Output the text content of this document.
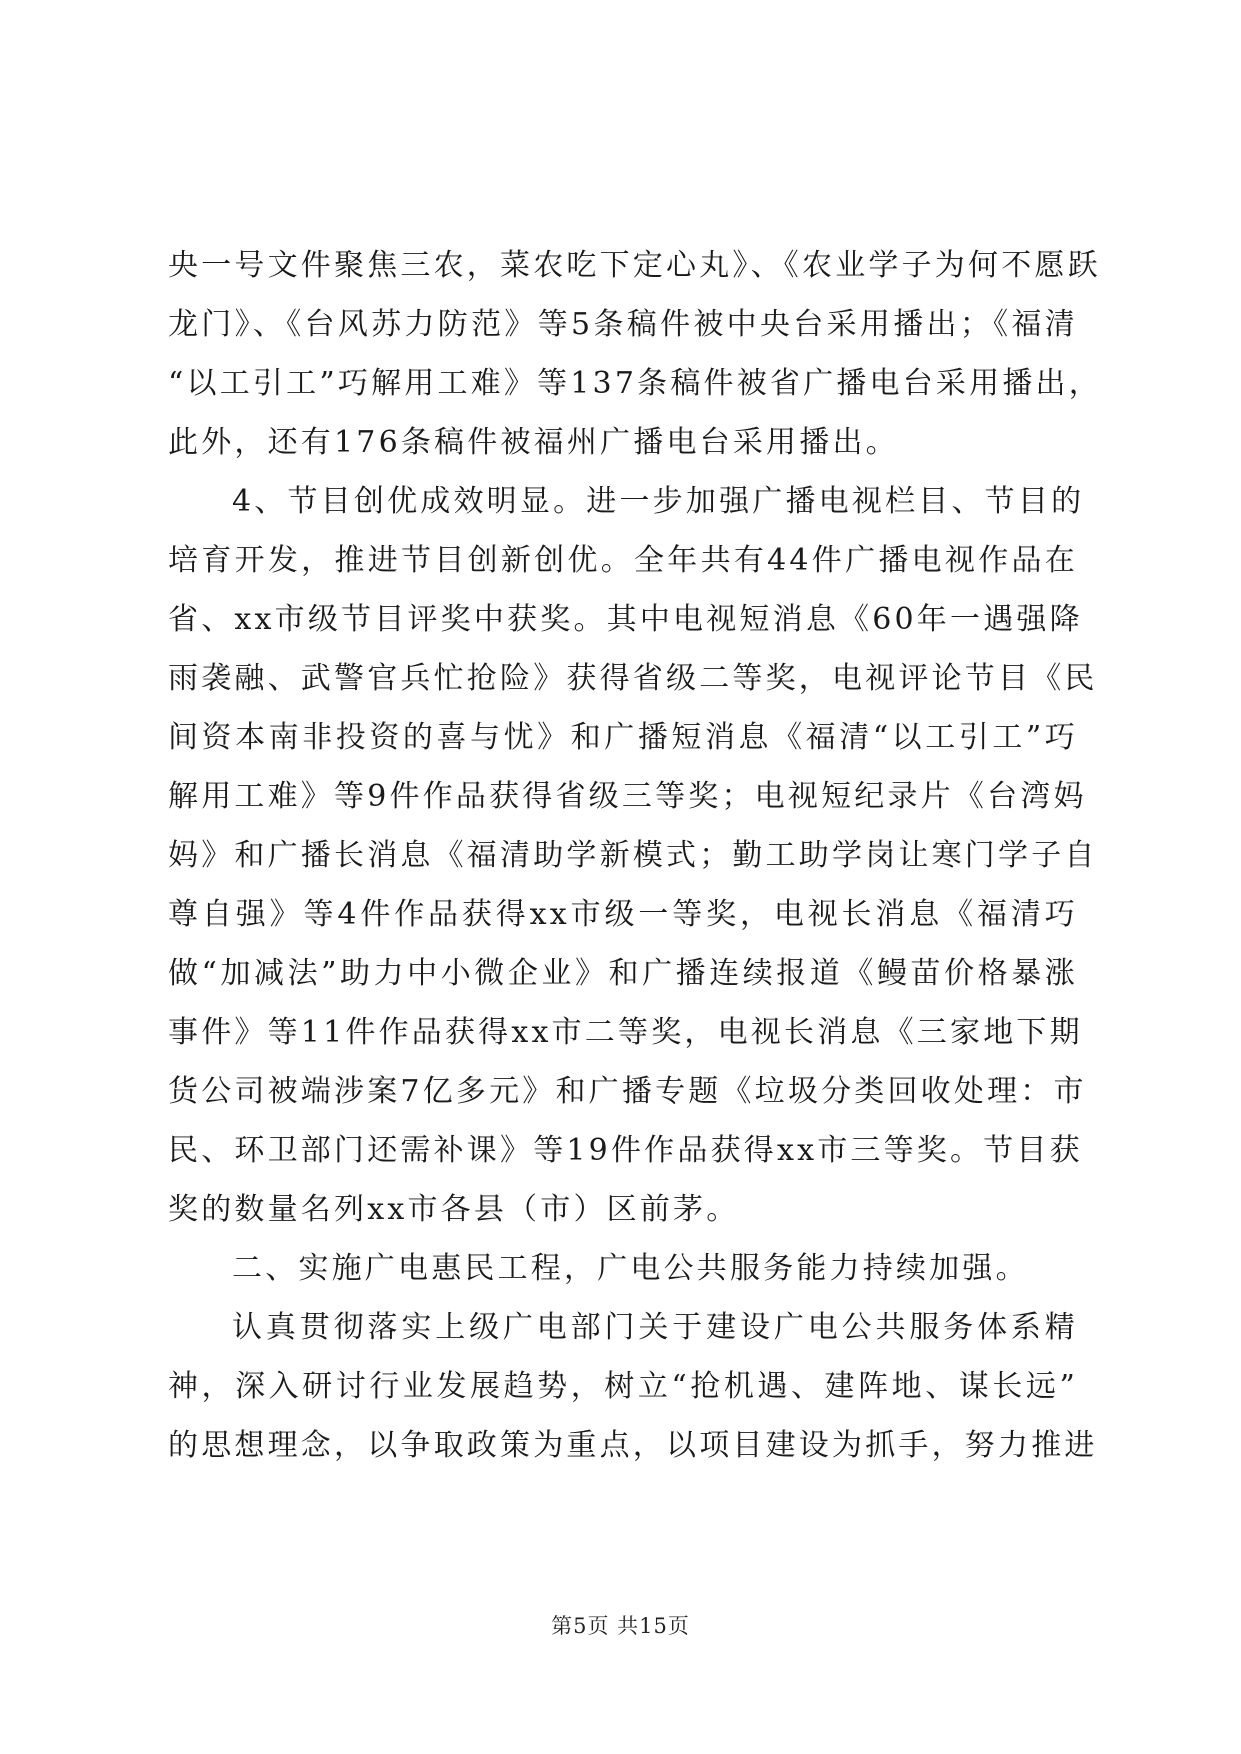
央一号文件聚焦三农，菜农吃下定心丸》、《农业学子为何不愿跃
龙门》、《台风苏力防范》等5条稿件被中央台采用播出；《福清
“以工引工”巧解用工难》等137条稿件被省广播电台采用播出，
此外，还有176条稿件被福州广播电台采用播出。
4、节目创优成效明显。进一步加强广播电视栏目、节目的
培育开发，推进节目创新创优。全年共有44件广播电视作品在
省、xx市级节目评奖中获奖。其中电视短消息《60年一遇强降
雨袭融、武警官兵忙抢险》获得省级二等奖，电视评论节目《民
间资本南非投资的喜与忧》和广播短消息《福清“以工引工”巧
解用工难》等9件作品获得省级三等奖；电视短纪录片《台湾妈
妈》和广播长消息《福清助学新模式；勤工助学岗让寒门学子自
尊自强》等4件作品获得xx市级一等奖，电视长消息《福清巧
做“加减法”助力中小微企业》和广播连续报道《鳗苗价格暴涨
事件》等11件作品获得xx市二等奖，电视长消息《三家地下期
货公司被端涉案7亿多元》和广播专题《垃圾分类回收处理：市
民、环卫部门还需补课》等19件作品获得xx市三等奖。节目获
奖的数量名列xx市各县（市）区前茅。
二、实施广电惠民工程，广电公共服务能力持续加强。
认真贯彻落实上级广电部门关于建设广电公共服务体系精
神，深入研讨行业发展趋势，树立“抢机遇、建阵地、谋长远”
的思想理念，以争取政策为重点，以项目建设为抓手，努力推进
第5页 共15页
